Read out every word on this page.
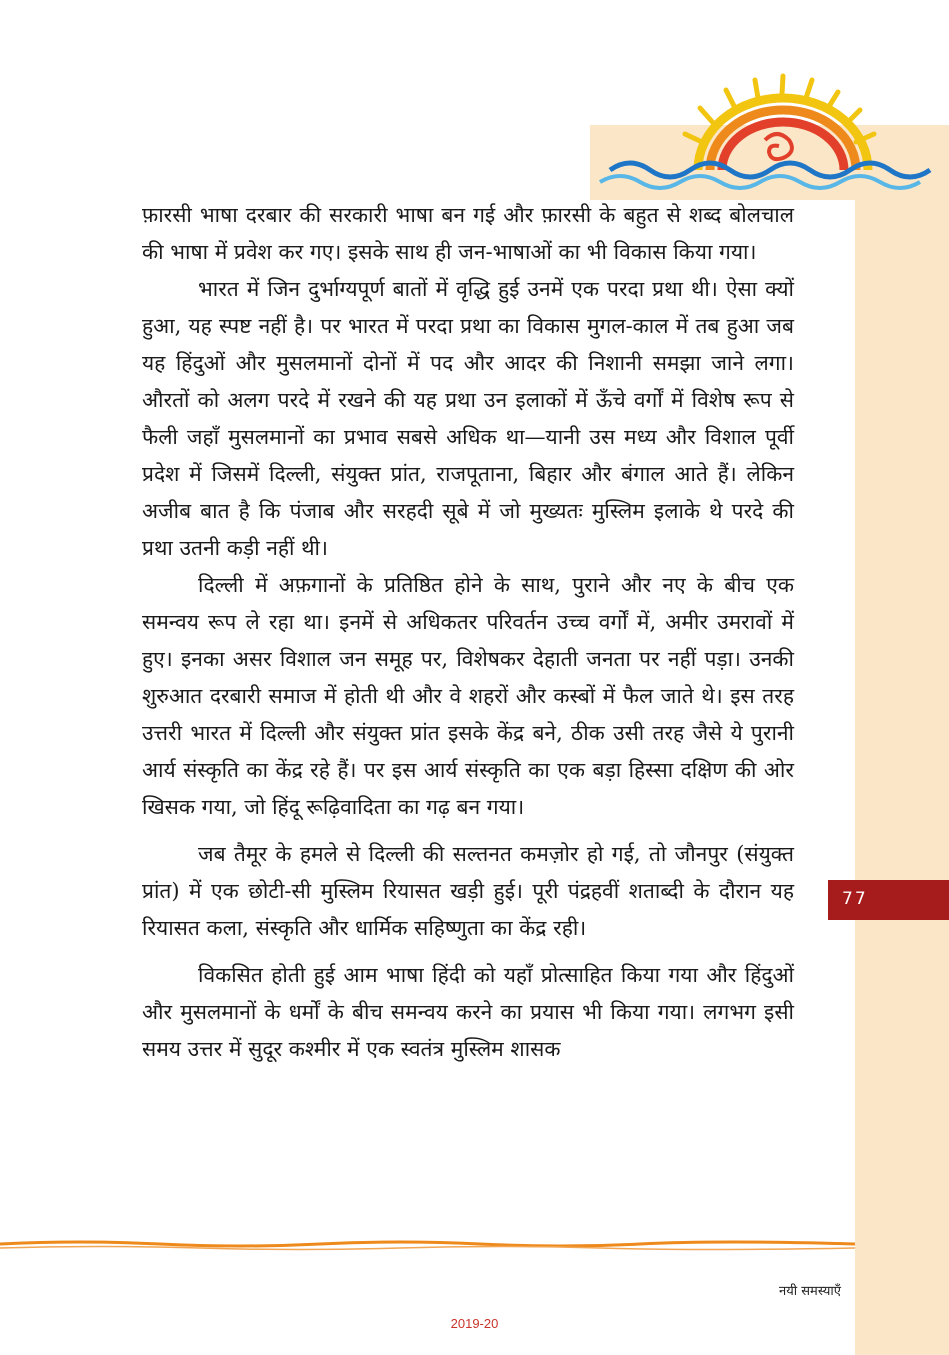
77

फ़ारसी भाषा दरबार की सरकारी भाषा बन गई और फ़ारसी के बहुत से शब्द बोलचाल की भाषा में प्रवेश कर गए। इसके साथ ही जन-भाषाओं का भी विकास किया गया।

भारत में जिन दुर्भाग्यपूर्ण बातों में वृद्धि हुई उनमें एक परदा प्रथा थी। ऐसा क्यों हुआ, यह स्पष्ट नहीं है। पर भारत में परदा प्रथा का विकास मुगल-काल में तब हुआ जब यह हिंदुओं और मुसलमानों दोनों में पद और आदर की निशानी समझा जाने लगा। औरतों को अलग परदे में रखने की यह प्रथा उन इलाकों में ऊँचे वर्गों में विशेष रूप से फैली जहाँ मुसलमानों का प्रभाव सबसे अधिक था—यानी उस मध्य और विशाल पूर्वी प्रदेश में जिसमें दिल्ली, संयुक्त प्रांत, राजपूताना, बिहार और बंगाल आते हैं। लेकिन अजीब बात है कि पंजाब और सरहदी सूबे में जो मुख्यतः मुस्लिम इलाके थे परदे की प्रथा उतनी कड़ी नहीं थी।

दिल्ली में अफ़गानों के प्रतिष्ठित होने के साथ, पुराने और नए के बीच एक समन्वय रूप ले रहा था। इनमें से अधिकतर परिवर्तन उच्च वर्गों में, अमीर उमरावों में हुए। इनका असर विशाल जन समूह पर, विशेषकर देहाती जनता पर नहीं पड़ा। उनकी शुरुआत दरबारी समाज में होती थी और वे शहरों और कस्बों में फैल जाते थे। इस तरह उत्तरी भारत में दिल्ली और संयुक्त प्रांत इसके केंद्र बने, ठीक उसी तरह जैसे ये पुरानी आर्य संस्कृति का केंद्र रहे हैं। पर इस आर्य संस्कृति का एक बड़ा हिस्सा दक्षिण की ओर खिसक गया, जो हिंदू रूढ़िवादिता का गढ़ बन गया।

जब तैमूर के हमले से दिल्ली की सल्तनत कमज़ोर हो गई, तो जौनपुर (संयुक्त प्रांत) में एक छोटी-सी मुस्लिम रियासत खड़ी हुई। पूरी पंद्रहवीं शताब्दी के दौरान यह रियासत कला, संस्कृति और धार्मिक सहिष्णुता का केंद्र रही।

विकसित होती हुई आम भाषा हिंदी को यहाँ प्रोत्साहित किया गया और हिंदुओं और मुसलमानों के धर्मों के बीच समन्वय करने का प्रयास भी किया गया। लगभग इसी समय उत्तर में सुदूर कश्मीर में एक स्वतंत्र मुस्लिम शासक

नयी समस्याएँ
2019-20
